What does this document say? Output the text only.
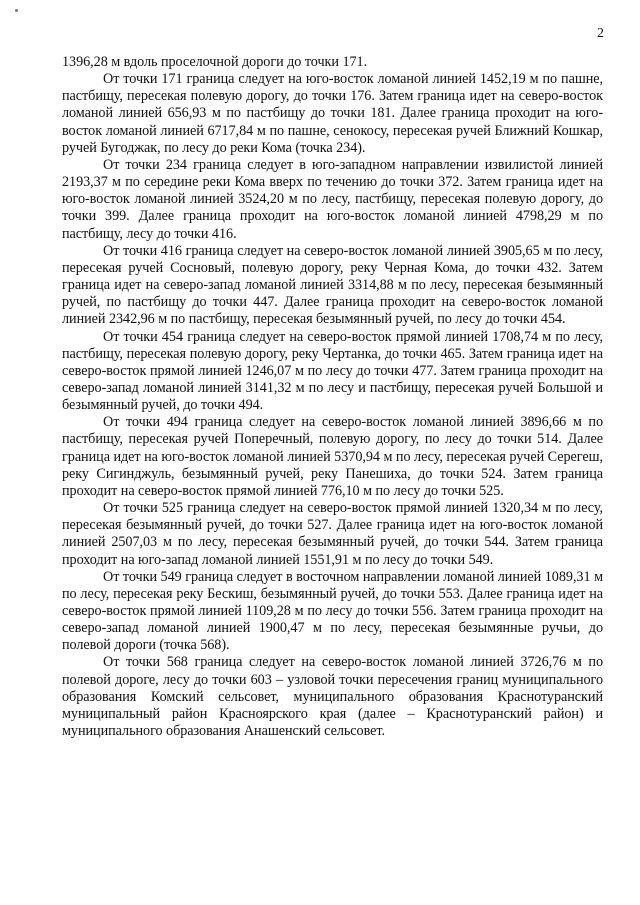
2

1396,28 м вдоль проселочной дороги до точки 171.

От точки 171 граница следует на юго-восток ломаной линией 1452,19 м по пашне, пастбищу, пересекая полевую дорогу, до точки 176. Затем граница идет на северо-восток ломаной линией 656,93 м по пастбищу до точки 181. Далее граница проходит на юго-восток ломаной линией 6717,84 м по пашне, сенокосу, пересекая ручей Ближний Кошкар, ручей Бугоджак, по лесу до реки Кома (точка 234).

От точки 234 граница следует в юго-западном направлении извилистой линией 2193,37 м по середине реки Кома вверх по течению до точки 372. Затем граница идет на юго-восток ломаной линией 3524,20 м по лесу, пастбищу, пересекая полевую дорогу, до точки 399. Далее граница проходит на юго-восток ломаной линией 4798,29 м по пастбищу, лесу до точки 416.

От точки 416 граница следует на северо-восток ломаной линией 3905,65 м по лесу, пересекая ручей Сосновый, полевую дорогу, реку Черная Кома, до точки 432. Затем граница идет на северо-запад ломаной линией 3314,88 м по лесу, пересекая безымянный ручей, по пастбищу до точки 447. Далее граница проходит на северо-восток ломаной линией 2342,96 м по пастбищу, пересекая безымянный ручей, по лесу до точки 454.

От точки 454 граница следует на северо-восток прямой линией 1708,74 м по лесу, пастбищу, пересекая полевую дорогу, реку Чертанка, до точки 465. Затем граница идет на северо-восток прямой линией 1246,07 м по лесу до точки 477. Затем граница проходит на северо-запад ломаной линией 3141,32 м по лесу и пастбищу, пересекая ручей Большой и безымянный ручей, до точки 494.

От точки 494 граница следует на северо-восток ломаной линией 3896,66 м по пастбищу, пересекая ручей Поперечный, полевую дорогу, по лесу до точки 514. Далее граница идет на юго-восток ломаной линией 5370,94 м по лесу, пересекая ручей Серегеш, реку Сигинджуль, безымянный ручей, реку Панешиха, до точки 524. Затем граница проходит на северо-восток прямой линией 776,10 м по лесу до точки 525.

От точки 525 граница следует на северо-восток прямой линией 1320,34 м по лесу, пересекая безымянный ручей, до точки 527. Далее граница идет на юго-восток ломаной линией 2507,03 м по лесу, пересекая безымянный ручей, до точки 544. Затем граница проходит на юго-запад ломаной линией 1551,91 м по лесу до точки 549.

От точки 549 граница следует в восточном направлении ломаной линией 1089,31 м по лесу, пересекая реку Бескиш, безымянный ручей, до точки 553. Далее граница идет на северо-восток прямой линией 1109,28 м по лесу до точки 556. Затем граница проходит на северо-запад ломаной линией 1900,47 м по лесу, пересекая безымянные ручьи, до полевой дороги (точка 568).

От точки 568 граница следует на северо-восток ломаной линией 3726,76 м по полевой дороге, лесу до точки 603 – узловой точки пересечения границ муниципального образования Комский сельсовет, муниципального образования Краснотуранский муниципальный район Красноярского края (далее – Краснотуранский район) и муниципального образования Анашенский сельсовет.
